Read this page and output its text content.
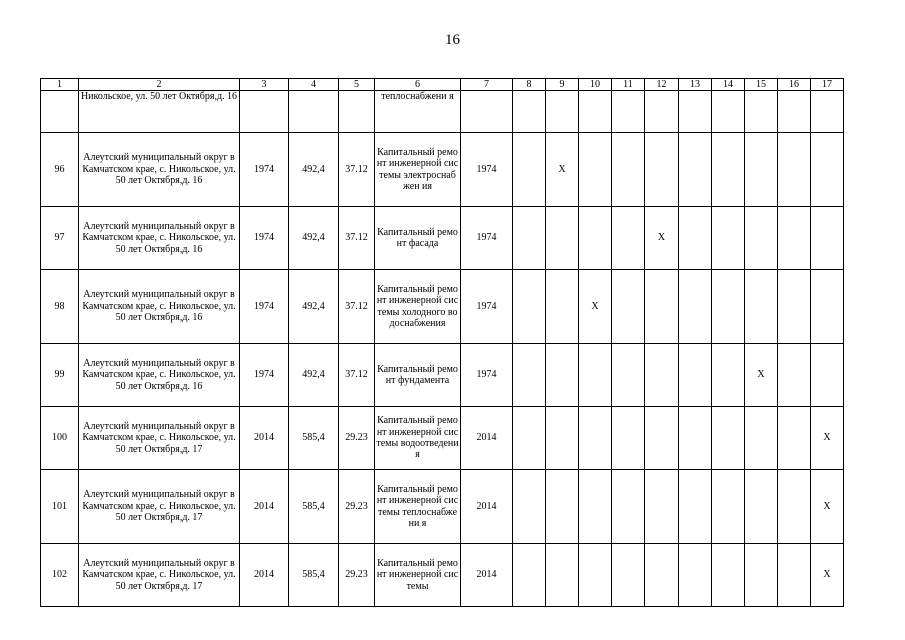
16
1	2	3	4	5	6	7	8	9	10	11	12	13	14	15	16	17
	Никольское, ул. 50 лет Октября,д. 16				теплоснабжени я											
96	Алеутский муниципальный округ в Камчатском крае, с. Никольское, ул. 50 лет Октября,д. 16	1974	492,4	37.12	Капитальный ремонт инженерной системы электроснабжен ия	1974		X								
97	Алеутский муниципальный округ в Камчатском крае, с. Никольское, ул. 50 лет Октября,д. 16	1974	492,4	37.12	Капитальный ремонт фасада	1974					X					
98	Алеутский муниципальный округ в Камчатском крае, с. Никольское, ул. 50 лет Октября,д. 16	1974	492,4	37.12	Капитальный ремонт инженерной системы холодного водоснабжения	1974			X							
99	Алеутский муниципальный округ в Камчатском крае, с. Никольское, ул. 50 лет Октября,д. 16	1974	492,4	37.12	Капитальный ремонт фундамента	1974								X		
100	Алеутский муниципальный округ в Камчатском крае, с. Никольское, ул. 50 лет Октября,д. 17	2014	585,4	29.23	Капитальный ремонт инженерной системы водоотведения	2014										X
101	Алеутский муниципальный округ в Камчатском крае, с. Никольское, ул. 50 лет Октября,д. 17	2014	585,4	29.23	Капитальный ремонт инженерной системы теплоснабжени я	2014										X
102	Алеутский муниципальный округ в Камчатском крае, с. Никольское, ул. 50 лет Октября,д. 17	2014	585,4	29.23	Капитальный ремонт инженерной системы	2014										X
